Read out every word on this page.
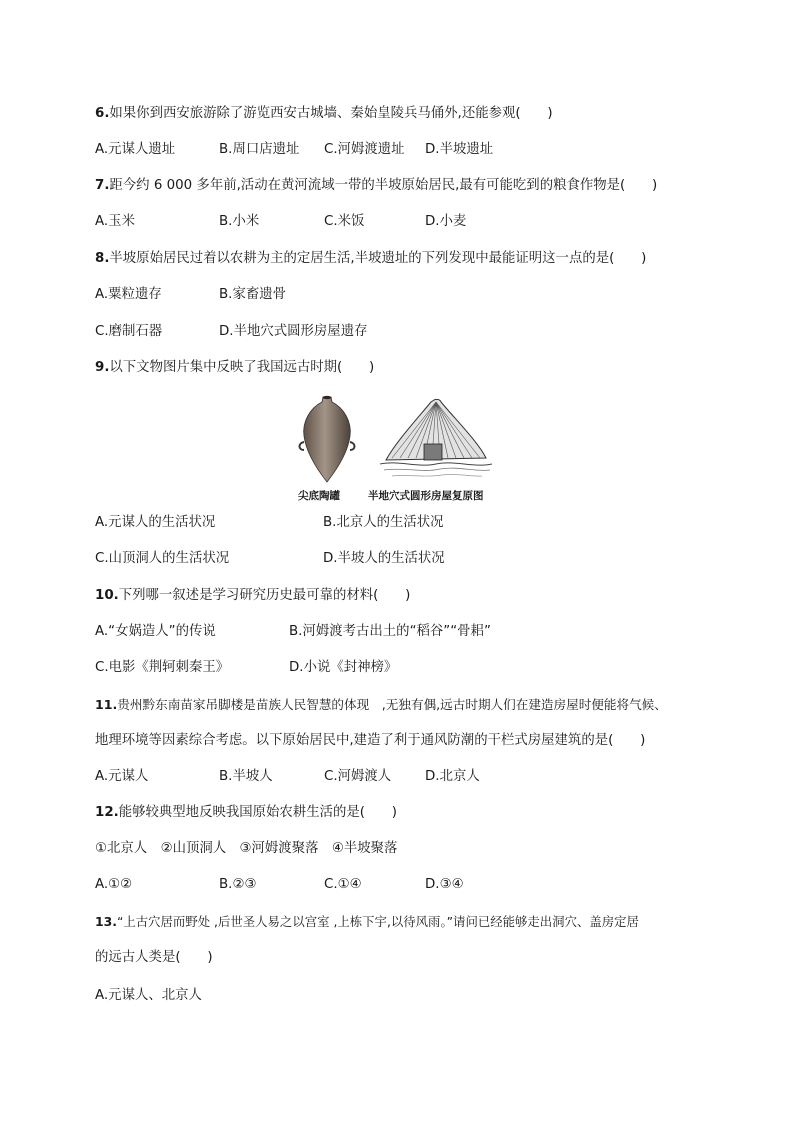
6.如果你到西安旅游除了游览西安古城墙、秦始皇陵兵马俑外,还能参观(　　)
A.元谋人遗址	B.周口店遗址 C.河姆渡遗址 D.半坡遗址
7.距今约 6 000 多年前,活动在黄河流域一带的半坡原始居民,最有可能吃到的粮食作物是(　　)
A.玉米	B.小米	C.米饭	D.小麦
8.半坡原始居民过着以农耕为主的定居生活,半坡遗址的下列发现中最能证明这一点的是(　　)
A.粟粒遗存	B.家畜遗骨
C.磨制石器	D.半地穴式圆形房屋遗存
9.以下文物图片集中反映了我国远古时期(　　)
尖底陶罐	半地穴式圆形房屋复原图
A.元谋人的生活状况	B.北京人的生活状况
C.山顶洞人的生活状况	D.半坡人的生活状况
10.下列哪一叙述是学习研究历史最可靠的材料(　　)
A.“女娲造人”的传说	B.河姆渡考古出土的“稻谷”“骨耜”
C.电影《荆轲刺秦王》	D.小说《封神榜》
11.贵州黔东南苗家吊脚楼是苗族人民智慧的体现　,无独有偶,远古时期人们在建造房屋时便能将气候、
地理环境等因素综合考虑。以下原始居民中,建造了利于通风防潮的干栏式房屋建筑的是(　　)
A.元谋人	B.半坡人	C.河姆渡人	D.北京人
12.能够较典型地反映我国原始农耕生活的是(　　)
①北京人　②山顶洞人　③河姆渡聚落　④半坡聚落
A.①②	B.②③	C.①④	D.③④
13.“上古穴居而野处 ,后世圣人易之以宫室 ,上栋下宇,以待风雨。”请问已经能够走出洞穴、盖房定居
的远古人类是(　　)
A.元谋人、北京人
